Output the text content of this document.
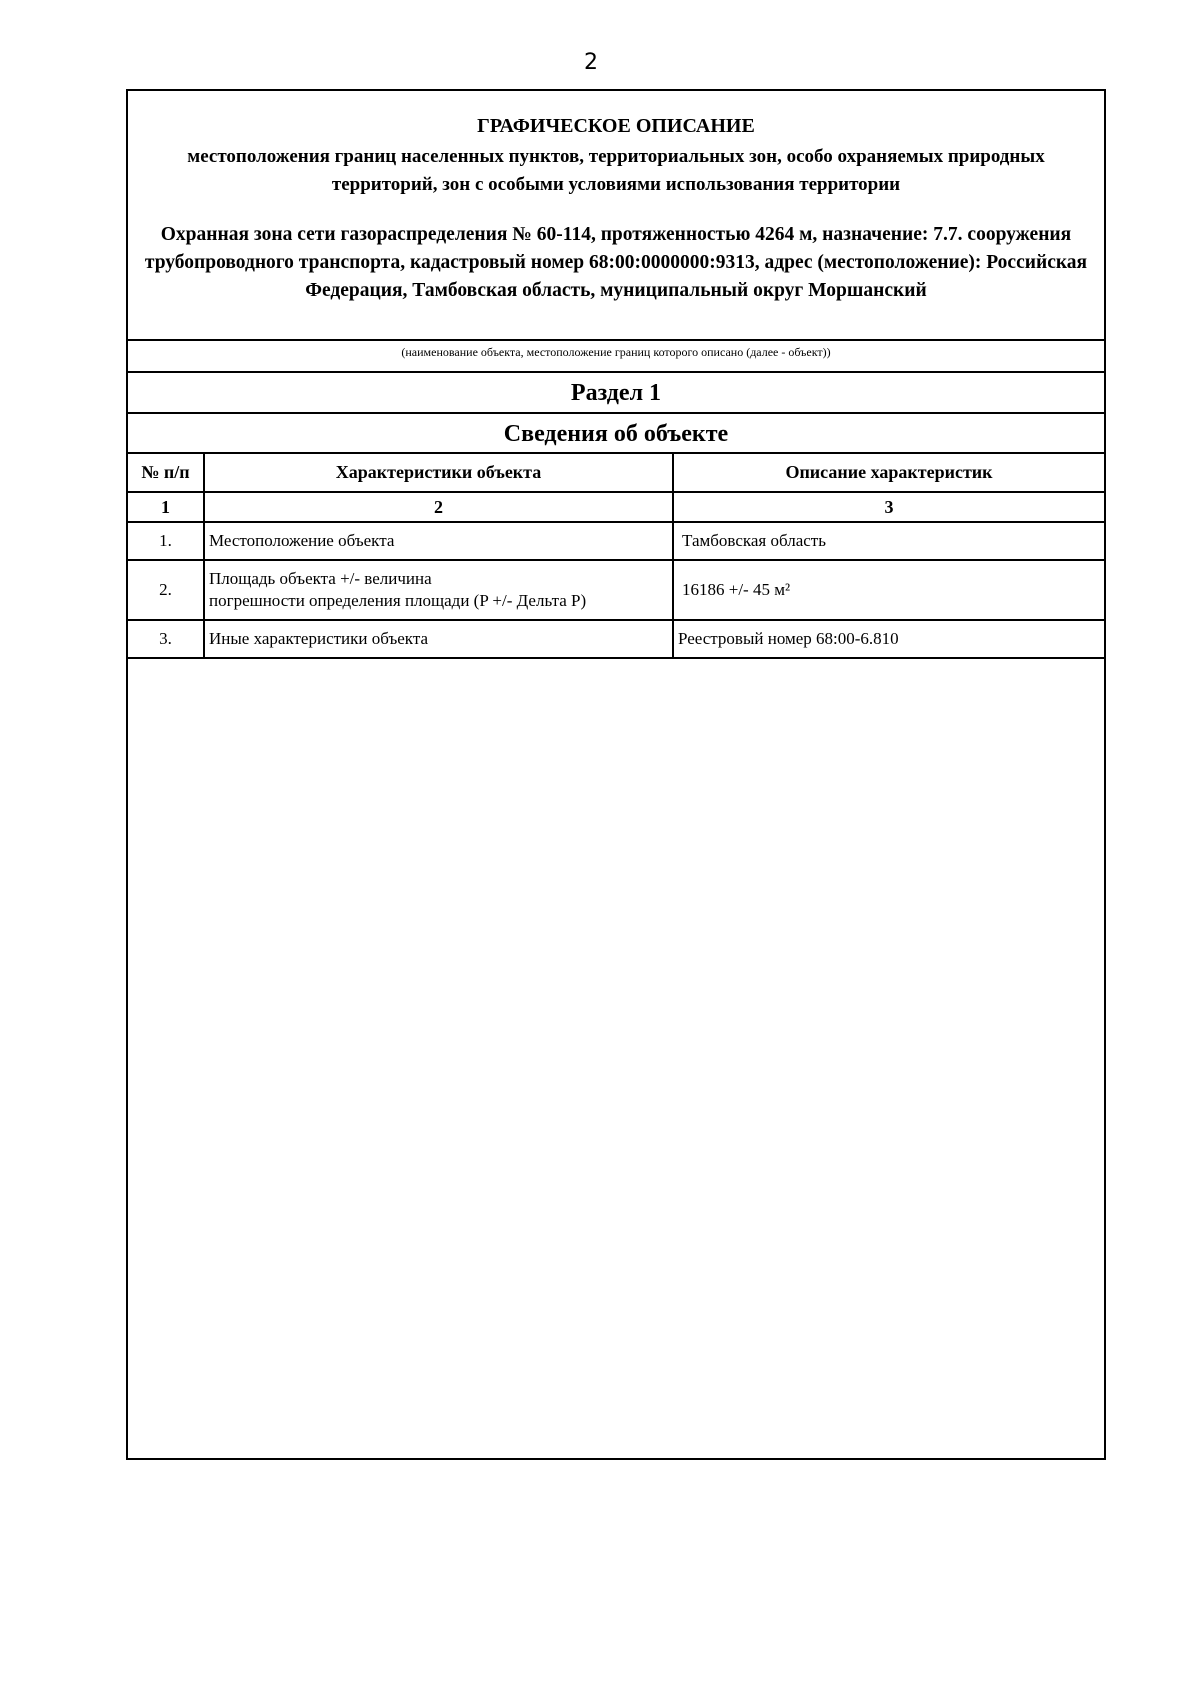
2
ГРАФИЧЕСКОЕ ОПИСАНИЕ
местоположения границ населенных пунктов, территориальных зон, особо охраняемых природных территорий, зон с особыми условиями использования территории
Охранная зона сети газораспределения № 60-114, протяженностью 4264 м, назначение: 7.7. сооружения трубопроводного транспорта, кадастровый номер 68:00:0000000:9313, адрес (местоположение): Российская Федерация, Тамбовская область, муниципальный округ Моршанский
(наименование объекта, местоположение границ которого описано (далее - объект))
Раздел 1
Сведения об объекте
№ п/п	Характеристики объекта	Описание характеристик
1	2	3
1.	Местоположение объекта	Тамбовская область
2.	Площадь объекта +/- величина
погрешности определения площади (P +/- Дельта P)	16186 +/- 45 м²
3.	Иные характеристики объекта	Реестровый номер 68:00-6.810
